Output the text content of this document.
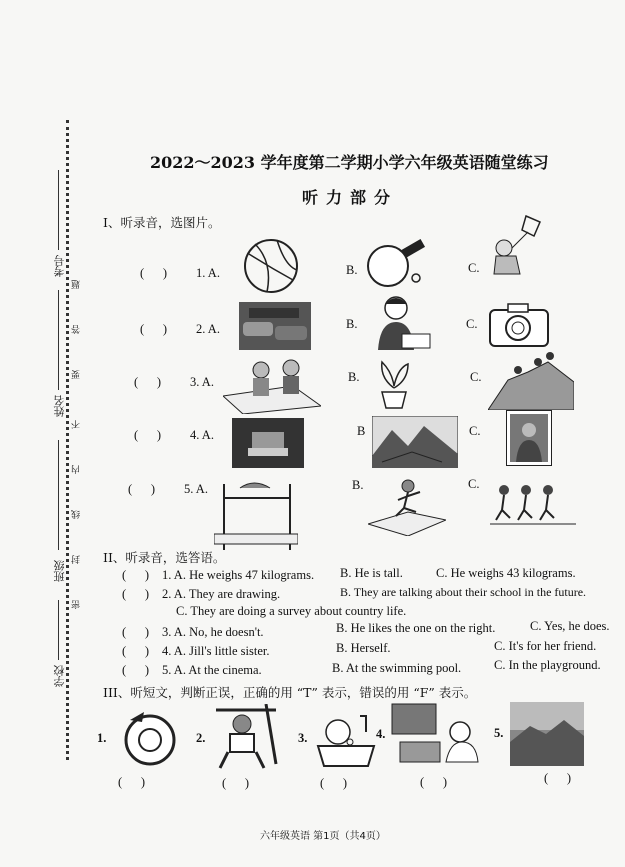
考号
姓名
班级
学校
题
答
要
不
内
线
封
密
2022～2023 学年度第二学期小学六年级英语随堂练习
听力部分
I、听录音，选图片。
(      ) 1. A.	B.	C.
(      ) 2. A.	B.	C.
(      ) 3. A.	B.	C.
(      ) 4. A.	B	C.
(      ) 5. A.	B.	C.
II、听录音，选答语。
(      ) 1. A. He weighs 47 kilograms. B. He is tall.	C. He weighs 43 kilograms.
(      ) 2. A. They are drawing.	B. They are talking about their school in the future.
C. They are doing a survey about country life.
(      ) 3. A. No, he doesn't.	B. He likes the one on the right.	C. Yes, he does.
(      ) 4. A. Jill's little sister.	B. Herself.	C. It's for her friend.
(      ) 5. A. At the cinema.	B. At the swimming pool.	C. In the playground.
III、听短文，判断正误，正确的用 “T” 表示，错误的用 “F” 表示。
1.
(      )
2.
(      )
3.
(      )
4.
(      )
5.
(      )
六年级英语 第1页（共4页）
